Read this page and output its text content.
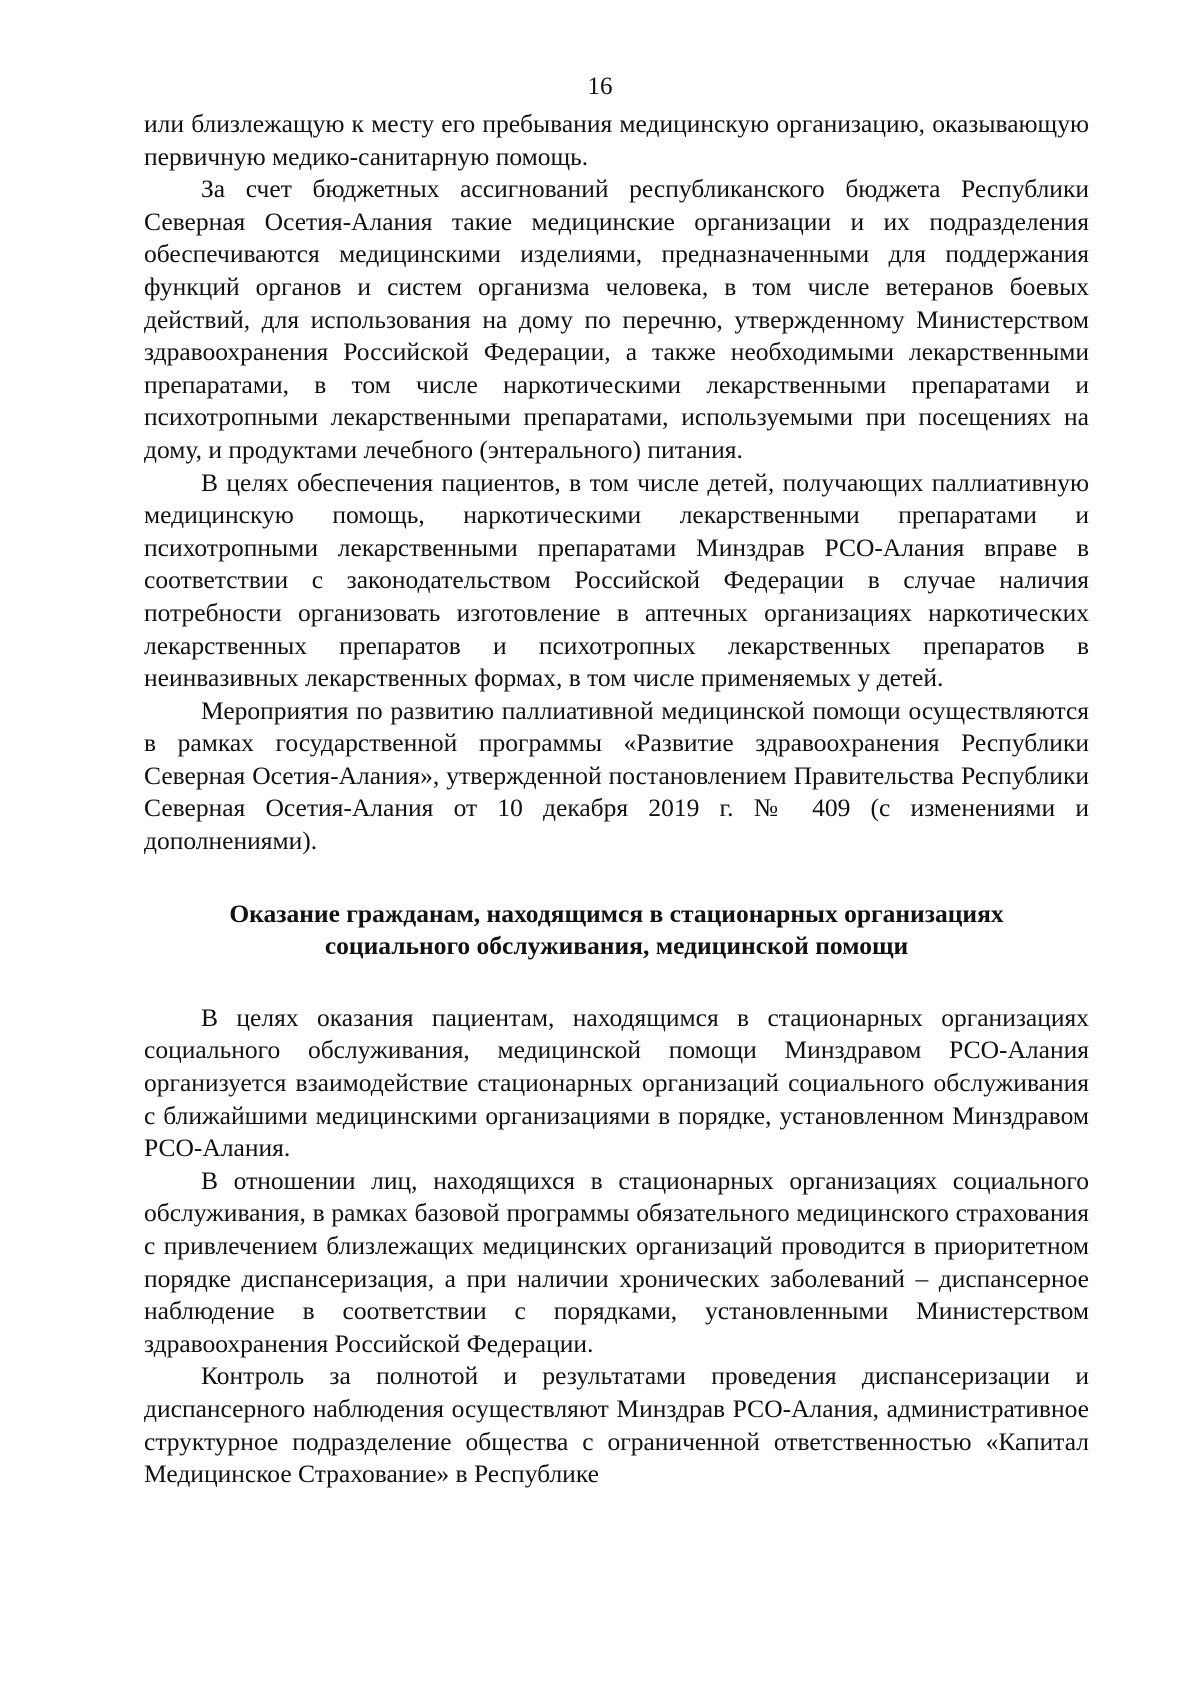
16

или близлежащую к месту его пребывания медицинскую организацию, оказывающую первичную медико-санитарную помощь.

За счет бюджетных ассигнований республиканского бюджета Республики Северная Осетия-Алания такие медицинские организации и их подразделения обеспечиваются медицинскими изделиями, предназначенными для поддержания функций органов и систем организма человека, в том числе ветеранов боевых действий, для использования на дому по перечню, утвержденному Министерством здравоохранения Российской Федерации, а также необходимыми лекарственными препаратами, в том числе наркотическими лекарственными препаратами и психотропными лекарственными препаратами, используемыми при посещениях на дому, и продуктами лечебного (энтерального) питания.

В целях обеспечения пациентов, в том числе детей, получающих паллиативную медицинскую помощь, наркотическими лекарственными препаратами и психотропными лекарственными препаратами Минздрав РСО-Алания вправе в соответствии с законодательством Российской Федерации в случае наличия потребности организовать изготовление в аптечных организациях наркотических лекарственных препаратов и психотропных лекарственных препаратов в неинвазивных лекарственных формах, в том числе применяемых у детей.

Мероприятия по развитию паллиативной медицинской помощи осуществляются в рамках государственной программы «Развитие здравоохранения Республики Северная Осетия-Алания», утвержденной постановлением Правительства Республики Северная Осетия-Алания от 10 декабря 2019 г. № 409 (с изменениями и дополнениями).

Оказание гражданам, находящимся в стационарных организациях
социального обслуживания, медицинской помощи

В целях оказания пациентам, находящимся в стационарных организациях социального обслуживания, медицинской помощи Минздравом РСО-Алания организуется взаимодействие стационарных организаций социального обслуживания с ближайшими медицинскими организациями в порядке, установленном Минздравом РСО-Алания.

В отношении лиц, находящихся в стационарных организациях социального обслуживания, в рамках базовой программы обязательного медицинского страхования с привлечением близлежащих медицинских организаций проводится в приоритетном порядке диспансеризация, а при наличии хронических заболеваний – диспансерное наблюдение в соответствии с порядками, установленными Министерством здравоохранения Российской Федерации.

Контроль за полнотой и результатами проведения диспансеризации и диспансерного наблюдения осуществляют Минздрав РСО-Алания, административное структурное подразделение общества с ограниченной ответственностью «Капитал Медицинское Страхование» в Республике
